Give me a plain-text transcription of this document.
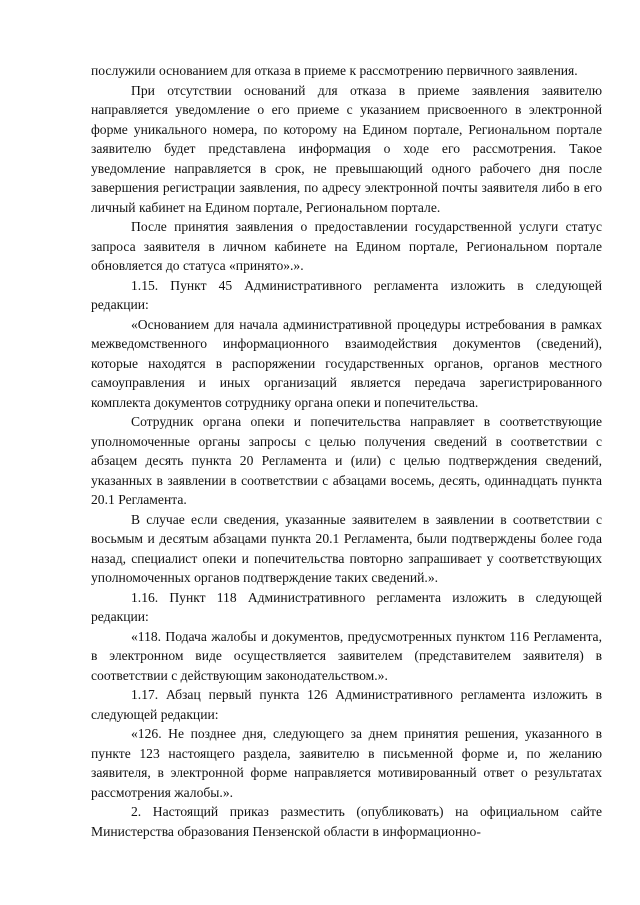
послужили основанием для отказа в приеме к рассмотрению первичного заявления.

При отсутствии оснований для отказа в приеме заявления заявителю направляется уведомление о его приеме с указанием присвоенного в электронной форме уникального номера, по которому на Едином портале, Региональном портале заявителю будет представлена информация о ходе его рассмотрения. Такое уведомление направляется в срок, не превышающий одного рабочего дня после завершения регистрации заявления, по адресу электронной почты заявителя либо в его личный кабинет на Едином портале, Региональном портале.

После принятия заявления о предоставлении государственной услуги статус запроса заявителя в личном кабинете на Едином портале, Региональном портале обновляется до статуса «принято».».

1.15. Пункт 45 Административного регламента изложить в следующей редакции:

«Основанием для начала административной процедуры истребования в рамках межведомственного информационного взаимодействия документов (сведений), которые находятся в распоряжении государственных органов, органов местного самоуправления и иных организаций является передача зарегистрированного комплекта документов сотруднику органа опеки и попечительства.

Сотрудник органа опеки и попечительства направляет в соответствующие уполномоченные органы запросы с целью получения сведений в соответствии с абзацем десять пункта 20 Регламента и (или) с целью подтверждения сведений, указанных в заявлении в соответствии с абзацами восемь, десять, одиннадцать пункта 20.1 Регламента.

В случае если сведения, указанные заявителем в заявлении в соответствии с восьмым и десятым абзацами пункта 20.1 Регламента, были подтверждены более года назад, специалист опеки и попечительства повторно запрашивает у соответствующих уполномоченных органов подтверждение таких сведений.».

1.16. Пункт 118 Административного регламента изложить в следующей редакции:

«118. Подача жалобы и документов, предусмотренных пунктом 116 Регламента, в электронном виде осуществляется заявителем (представителем заявителя) в соответствии с действующим законодательством.».

1.17. Абзац первый пункта 126 Административного регламента изложить в следующей редакции:

«126. Не позднее дня, следующего за днем принятия решения, указанного в пункте 123 настоящего раздела, заявителю в письменной форме и, по желанию заявителя, в электронной форме направляется мотивированный ответ о результатах рассмотрения жалобы.».

2. Настоящий приказ разместить (опубликовать) на официальном сайте Министерства образования Пензенской области в информационно-
